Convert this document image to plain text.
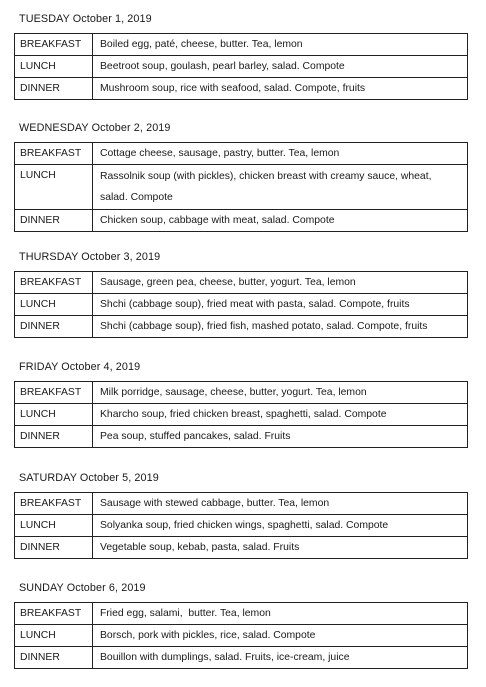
TUESDAY October 1, 2019
BREAKFAST	Boiled egg, paté, cheese, butter. Tea, lemon
LUNCH	Beetroot soup, goulash, pearl barley, salad. Compote
DINNER	Mushroom soup, rice with seafood, salad. Compote, fruits
WEDNESDAY October 2, 2019
BREAKFAST	Cottage cheese, sausage, pastry, butter. Tea, lemon
LUNCH	Rassolnik soup (with pickles), chicken breast with creamy sauce, wheat, salad. Compote
DINNER	Chicken soup, cabbage with meat, salad. Compote
THURSDAY October 3, 2019
BREAKFAST	Sausage, green pea, cheese, butter, yogurt. Tea, lemon
LUNCH	Shchi (cabbage soup), fried meat with pasta, salad. Compote, fruits
DINNER	Shchi (cabbage soup), fried fish, mashed potato, salad. Compote, fruits
FRIDAY October 4, 2019
BREAKFAST	Milk porridge, sausage, cheese, butter, yogurt. Tea, lemon
LUNCH	Kharcho soup, fried chicken breast, spaghetti, salad. Compote
DINNER	Pea soup, stuffed pancakes, salad. Fruits
SATURDAY October 5, 2019
BREAKFAST	Sausage with stewed cabbage, butter. Tea, lemon
LUNCH	Solyanka soup, fried chicken wings, spaghetti, salad. Compote
DINNER	Vegetable soup, kebab, pasta, salad. Fruits
SUNDAY October 6, 2019
BREAKFAST	Fried egg, salami,  butter. Tea, lemon
LUNCH	Borsch, pork with pickles, rice, salad. Compote
DINNER	Bouillon with dumplings, salad. Fruits, ice-cream, juice
